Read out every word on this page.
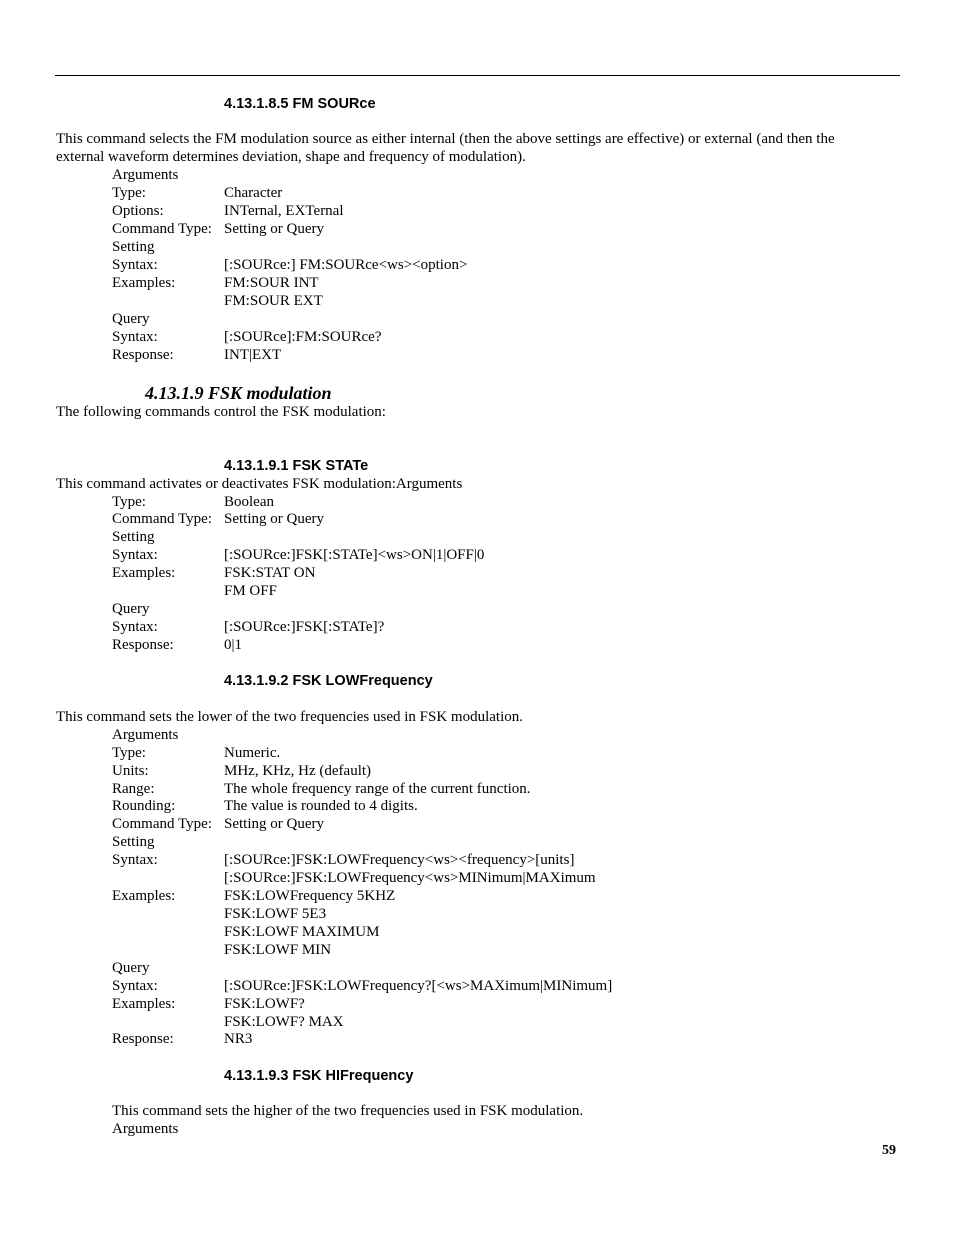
4.13.1.8.5 FM SOURce
This command selects the FM modulation source as either internal (then the above settings are effective) or external (and then the
external waveform determines deviation, shape and frequency of modulation).
Arguments
Type:	Character
Options:	INTernal, EXTernal
Command Type: Setting or Query
Setting
Syntax:	[:SOURce:] FM:SOURce<ws><option>
Examples:	FM:SOUR INT
FM:SOUR EXT
Query
Syntax:	[:SOURce]:FM:SOURce?
Response:	INT|EXT
4.13.1.9 FSK modulation
The following commands control the FSK modulation:
4.13.1.9.1 FSK STATe
This command activates or deactivates FSK modulation:Arguments
Type:	Boolean
Command Type: Setting or Query
Setting
Syntax:	[:SOURce:]FSK[:STATe]<ws>ON|1|OFF|0
Examples:	FSK:STAT ON
FM OFF
Query
Syntax:	[:SOURce:]FSK[:STATe]?
Response:	0|1
4.13.1.9.2 FSK LOWFrequency
This command sets the lower of the two frequencies used in FSK modulation.
Arguments
Type:	Numeric.
Units:	MHz, KHz, Hz (default)
Range:	The whole frequency range of the current function.
Rounding:	The value is rounded to 4 digits.
Command Type: Setting or Query
Setting
Syntax:	[:SOURce:]FSK:LOWFrequency<ws><frequency>[units]
[:SOURce:]FSK:LOWFrequency<ws>MINimum|MAXimum
Examples:	FSK:LOWFrequency 5KHZ
FSK:LOWF 5E3
FSK:LOWF MAXIMUM
FSK:LOWF MIN
Query
Syntax:	[:SOURce:]FSK:LOWFrequency?[<ws>MAXimum|MINimum]
Examples:	FSK:LOWF?
FSK:LOWF? MAX
Response:	NR3
4.13.1.9.3 FSK HIFrequency
This command sets the higher of the two frequencies used in FSK modulation.
Arguments
59
